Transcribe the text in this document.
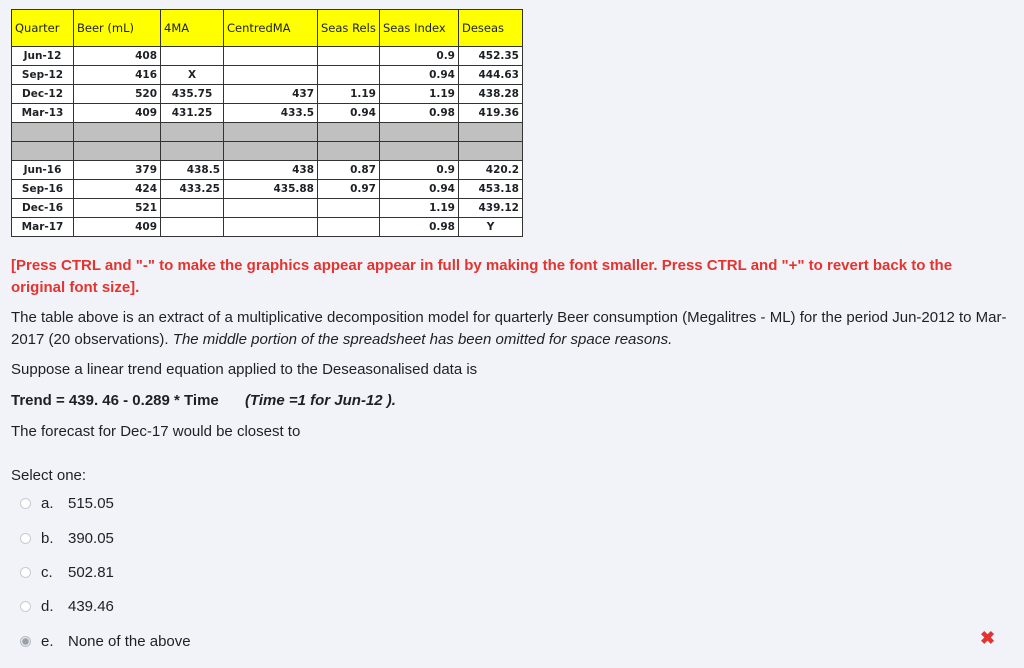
Quarter	Beer (mL)	4MA	CentredMA	Seas Rels	Seas Index	Deseas
Jun-12	408				0.9	452.35
Sep-12	416	X			0.94	444.63
Dec-12	520	435.75	437	1.19	1.19	438.28
Mar-13	409	431.25	433.5	0.94	0.98	419.36

Jun-16	379	438.5	438	0.87	0.9	420.2
Sep-16	424	433.25	435.88	0.97	0.94	453.18
Dec-16	521				1.19	439.12
Mar-17	409				0.98	Y
[Press CTRL and "-" to make the graphics appear appear in full by making the font smaller. Press CTRL and "+" to revert back to the original font size].
The table above is an extract of a multiplicative decomposition model for quarterly Beer consumption (Megalitres - ML) for the period Jun-2012 to Mar-2017 (20 observations). The middle portion of the spreadsheet has been omitted for space reasons.
Suppose a linear trend equation applied to the Deseasonalised data is
Trend = 439. 46 - 0.289 * Time (Time =1 for Jun-12 ).
The forecast for Dec-17 would be closest to
Select one:
a. 515.05
b. 390.05
c.	502.81
d. 439.46
e. None of the above	✖
